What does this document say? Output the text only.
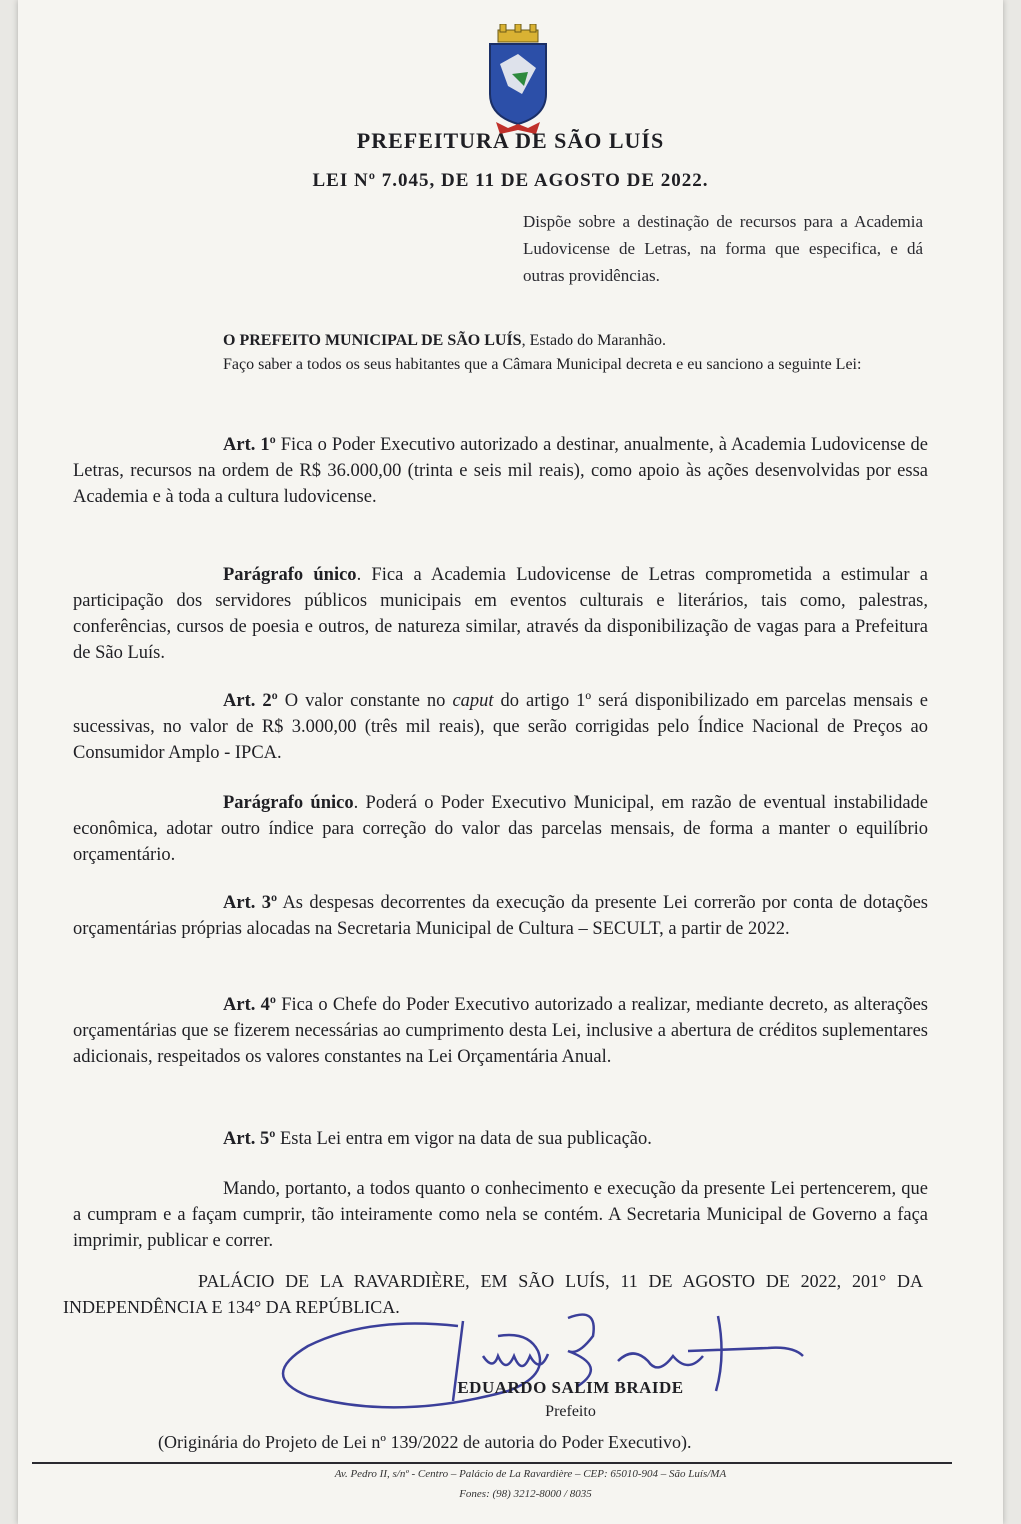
PREFEITURA DE SÃO LUÍS
LEI Nº 7.045, DE 11 DE AGOSTO DE 2022.
Dispõe sobre a destinação de recursos para a Academia Ludovicense de Letras, na forma que especifica, e dá outras providências.
O PREFEITO MUNICIPAL DE SÃO LUÍS, Estado do Maranhão.
Faço saber a todos os seus habitantes que a Câmara Municipal decreta e eu sanciono a seguinte Lei:
Art. 1º Fica o Poder Executivo autorizado a destinar, anualmente, à Academia Ludovicense de Letras, recursos na ordem de R$ 36.000,00 (trinta e seis mil reais), como apoio às ações desenvolvidas por essa Academia e à toda a cultura ludovicense.
Parágrafo único. Fica a Academia Ludovicense de Letras comprometida a estimular a participação dos servidores públicos municipais em eventos culturais e literários, tais como, palestras, conferências, cursos de poesia e outros, de natureza similar, através da disponibilização de vagas para a Prefeitura de São Luís.
Art. 2º O valor constante no caput do artigo 1º será disponibilizado em parcelas mensais e sucessivas, no valor de R$ 3.000,00 (três mil reais), que serão corrigidas pelo Índice Nacional de Preços ao Consumidor Amplo - IPCA.
Parágrafo único. Poderá o Poder Executivo Municipal, em razão de eventual instabilidade econômica, adotar outro índice para correção do valor das parcelas mensais, de forma a manter o equilíbrio orçamentário.
Art. 3º As despesas decorrentes da execução da presente Lei correrão por conta de dotações orçamentárias próprias alocadas na Secretaria Municipal de Cultura – SECULT, a partir de 2022.
Art. 4º Fica o Chefe do Poder Executivo autorizado a realizar, mediante decreto, as alterações orçamentárias que se fizerem necessárias ao cumprimento desta Lei, inclusive a abertura de créditos suplementares adicionais, respeitados os valores constantes na Lei Orçamentária Anual.
Art. 5º Esta Lei entra em vigor na data de sua publicação.
Mando, portanto, a todos quanto o conhecimento e execução da presente Lei pertencerem, que a cumpram e a façam cumprir, tão inteiramente como nela se contém. A Secretaria Municipal de Governo a faça imprimir, publicar e correr.
PALÁCIO DE LA RAVARDIÈRE, EM SÃO LUÍS, 11 DE AGOSTO DE 2022, 201° DA INDEPENDÊNCIA E 134° DA REPÚBLICA.
EDUARDO SALIM BRAIDE
Prefeito
(Originária do Projeto de Lei nº 139/2022 de autoria do Poder Executivo).
Av. Pedro II, s/nº - Centro – Palácio de La Ravardière – CEP: 65010-904 – São Luís/MA
Fones: (98) 3212-8000 / 8035
